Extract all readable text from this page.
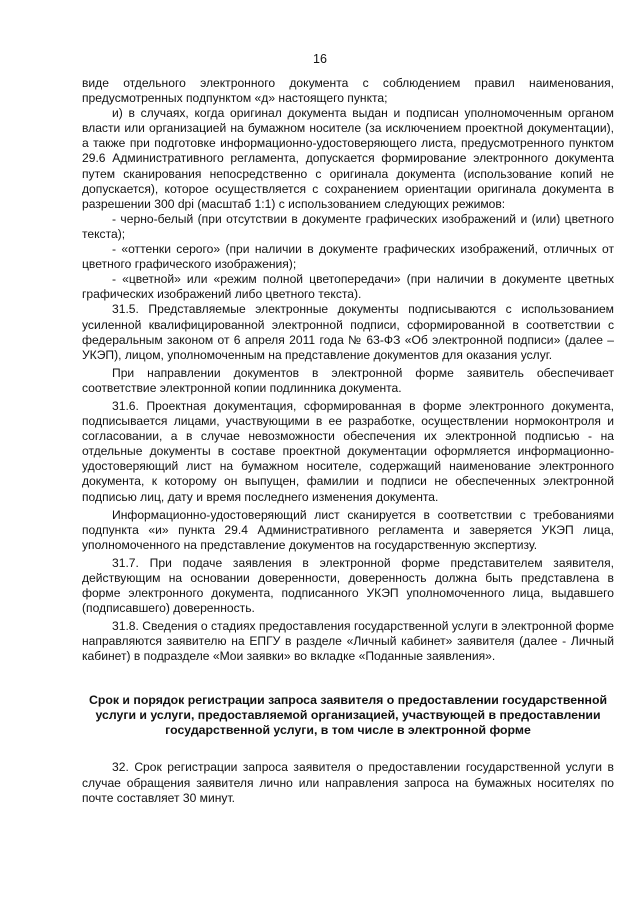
16

виде отдельного электронного документа с соблюдением правил наименования, предусмотренных подпунктом «д» настоящего пункта;

и) в случаях, когда оригинал документа выдан и подписан уполномоченным органом власти или организацией на бумажном носителе (за исключением проектной документации), а также при подготовке информационно-удостоверяющего листа, предусмотренного пунктом 29.6 Административного регламента, допускается формирование электронного документа путем сканирования непосредственно с оригинала документа (использование копий не допускается), которое осуществляется с сохранением ориентации оригинала документа в разрешении 300 dpi (масштаб 1:1) с использованием следующих режимов:

- черно-белый (при отсутствии в документе графических изображений и (или) цветного текста);

- «оттенки серого» (при наличии в документе графических изображений, отличных от цветного графического изображения);

- «цветной» или «режим полной цветопередачи» (при наличии в документе цветных графических изображений либо цветного текста).

31.5. Представляемые электронные документы подписываются с использованием усиленной квалифицированной электронной подписи, сформированной в соответствии с федеральным законом от 6 апреля 2011 года № 63-ФЗ «Об электронной подписи» (далее – УКЭП), лицом, уполномоченным на представление документов для оказания услуг.

При направлении документов в электронной форме заявитель обеспечивает соответствие электронной копии подлинника документа.

31.6. Проектная документация, сформированная в форме электронного документа, подписывается лицами, участвующими в ее разработке, осуществлении нормоконтроля и согласовании, а в случае невозможности обеспечения их электронной подписью - на отдельные документы в составе проектной документации оформляется информационно-удостоверяющий лист на бумажном носителе, содержащий наименование электронного документа, к которому он выпущен, фамилии и подписи не обеспеченных электронной подписью лиц, дату и время последнего изменения документа.

Информационно-удостоверяющий лист сканируется в соответствии с требованиями подпункта «и» пункта 29.4 Административного регламента и заверяется УКЭП лица, уполномоченного на представление документов на государственную экспертизу.

31.7. При подаче заявления в электронной форме представителем заявителя, действующим на основании доверенности, доверенность должна быть представлена в форме электронного документа, подписанного УКЭП уполномоченного лица, выдавшего (подписавшего) доверенность.

31.8. Сведения о стадиях предоставления государственной услуги в электронной форме направляются заявителю на ЕПГУ в разделе «Личный кабинет» заявителя (далее - Личный кабинет) в подразделе «Мои заявки» во вкладке «Поданные заявления».

Срок и порядок регистрации запроса заявителя о предоставлении государственной услуги и услуги, предоставляемой организацией, участвующей в предоставлении государственной услуги, в том числе в электронной форме

32. Срок регистрации запроса заявителя о предоставлении государственной услуги в случае обращения заявителя лично или направления запроса на бумажных носителях по почте составляет 30 минут.
